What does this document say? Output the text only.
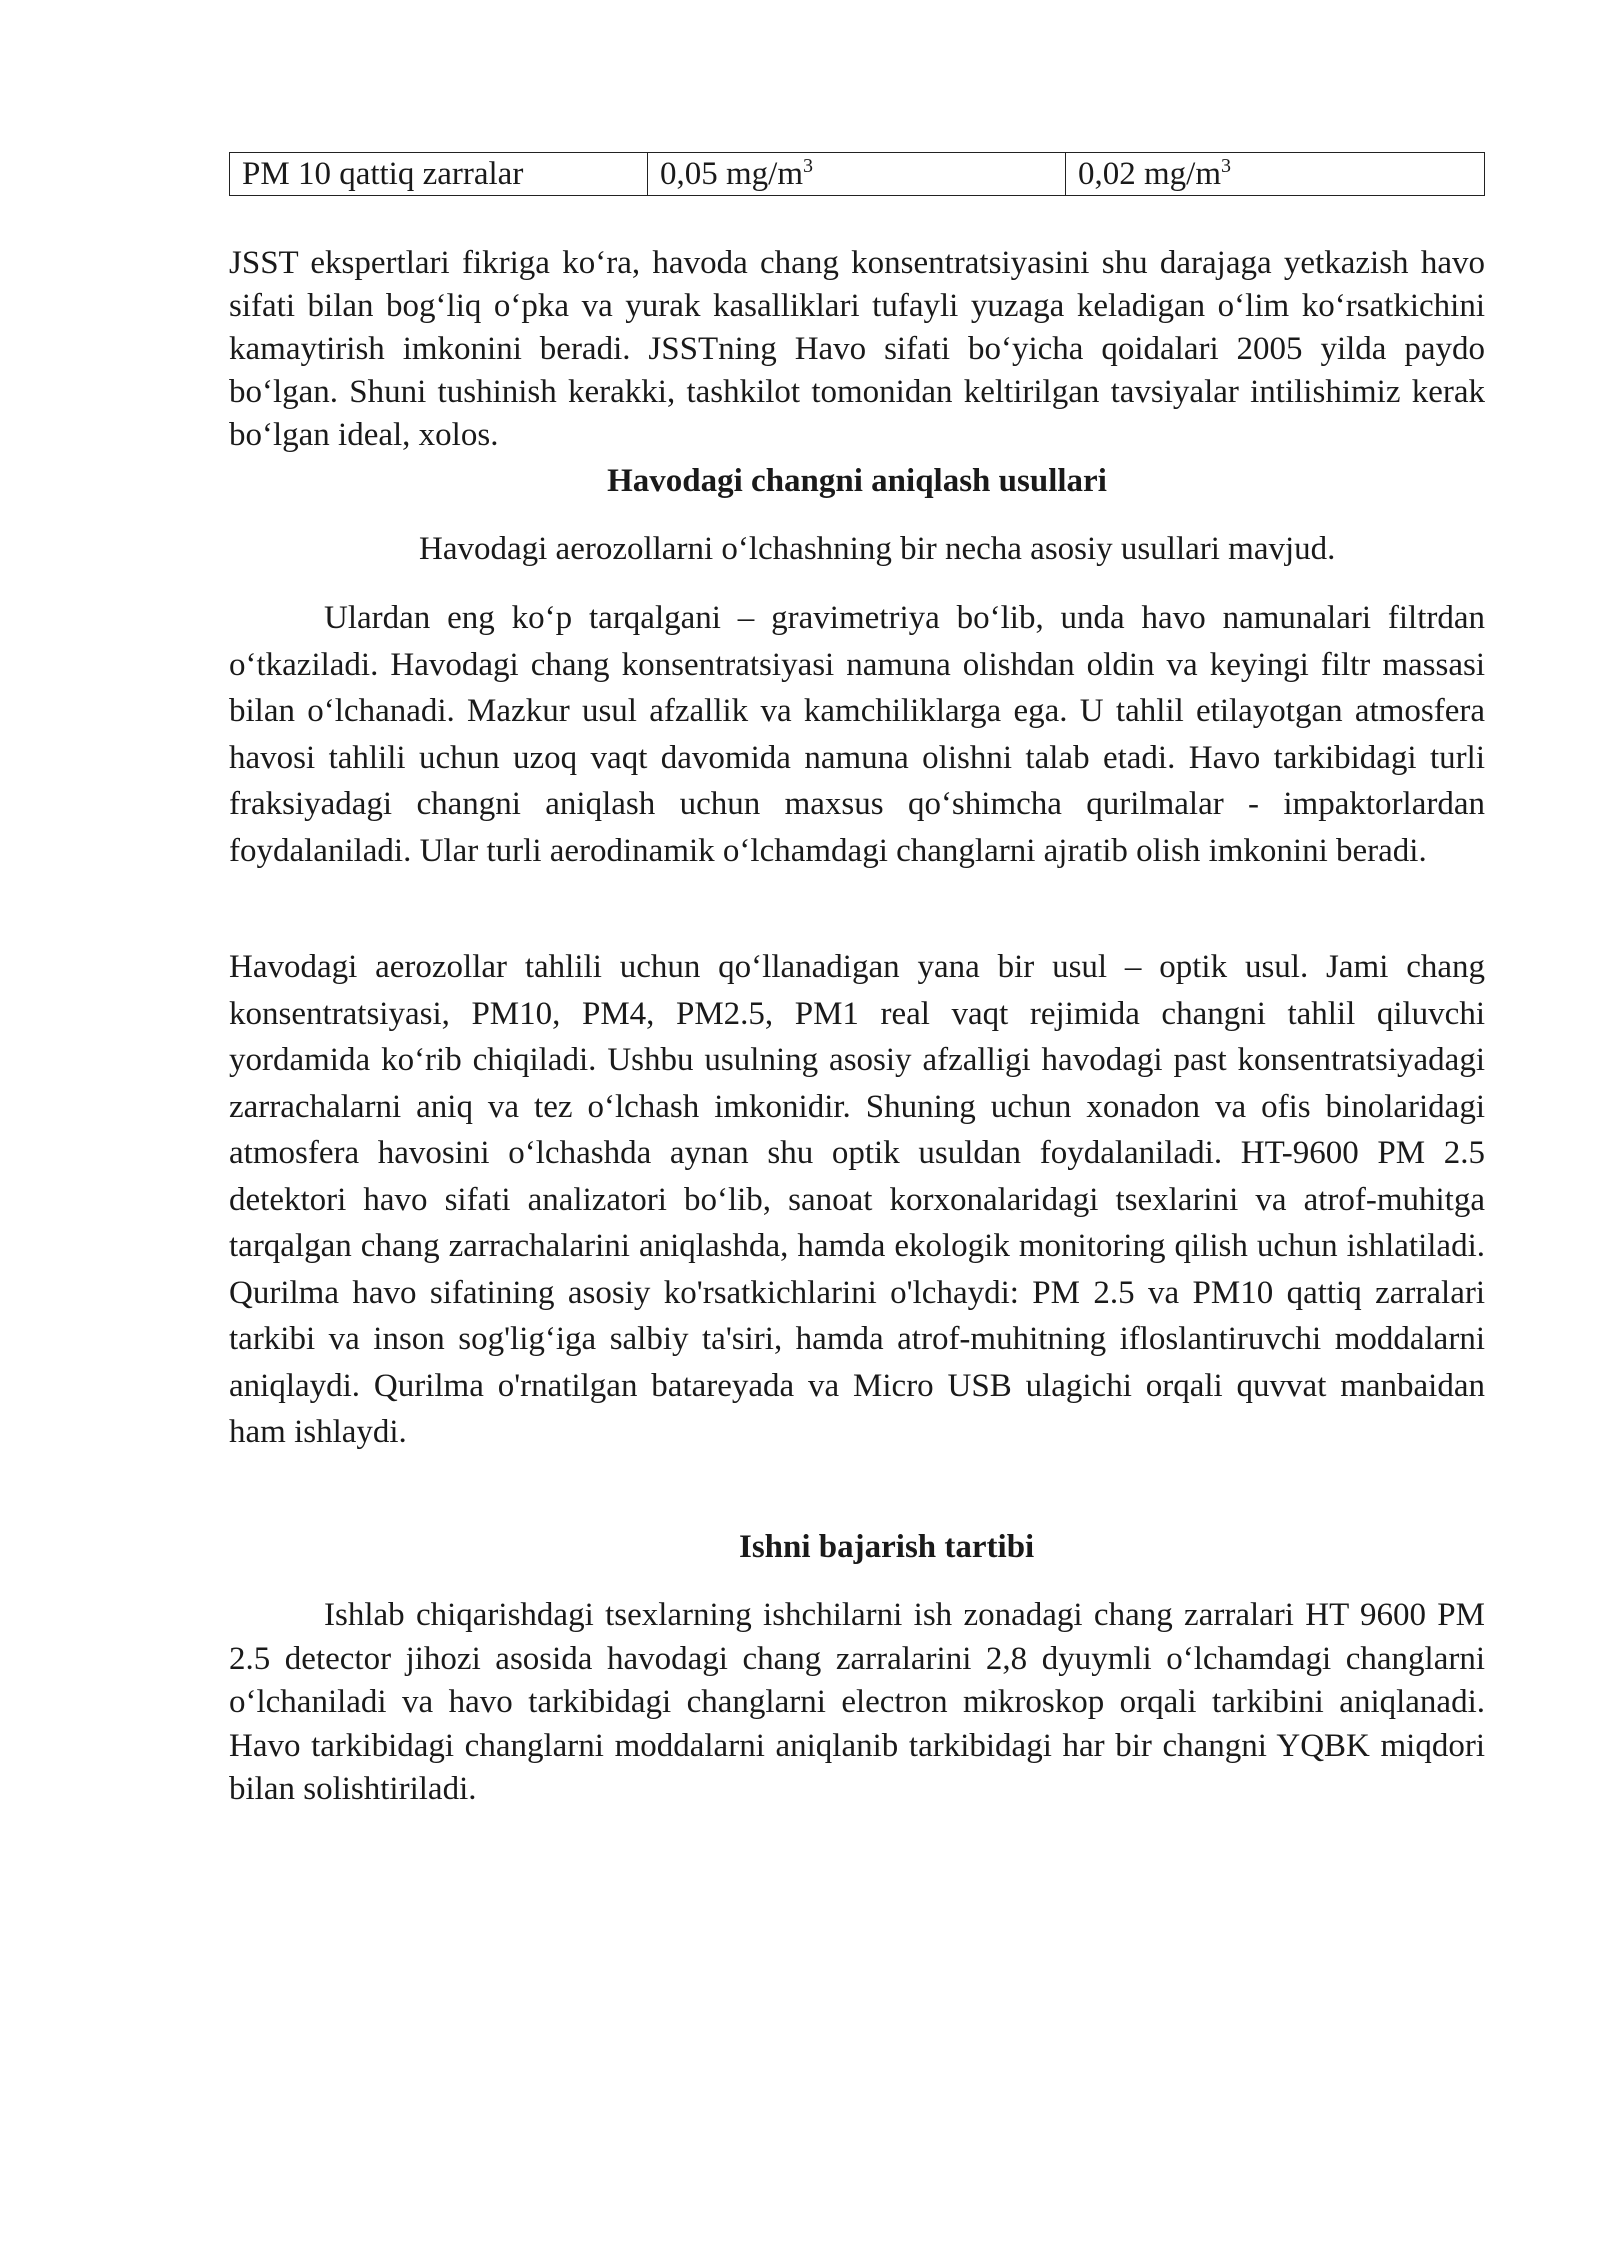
PM 10 qattiq zarralar	0,05 $mg/m^3$	0,02 $mg/m^3$

JSST ekspertlari fikriga ko‘ra, havoda chang konsentratsiyasini shu darajaga yetkazish havo sifati bilan bog‘liq o‘pka va yurak kasalliklari tufayli yuzaga keladigan o‘lim ko‘rsatkichini kamaytirish imkonini beradi. JSSTning Havo sifati bo‘yicha qoidalari 2005 yilda paydo bo‘lgan. Shuni tushinish kerakki, tashkilot tomonidan keltirilgan tavsiyalar intilishimiz kerak bo‘lgan ideal, xolos.

Havodagi changni aniqlash usullari

Havodagi aerozollarni o‘lchashning bir necha asosiy usullari mavjud.

Ulardan eng ko‘p tarqalgani – gravimetriya bo‘lib, unda havo namunalari filtrdan o‘tkaziladi. Havodagi chang konsentratsiyasi namuna olishdan oldin va keyingi filtr massasi bilan o‘lchanadi. Mazkur usul afzallik va kamchiliklarga ega. U tahlil etilayotgan atmosfera havosi tahlili uchun uzoq vaqt davomida namuna olishni talab etadi. Havo tarkibidagi turli fraksiyadagi changni aniqlash uchun maxsus qo‘shimcha qurilmalar - impaktorlardan foydalaniladi. Ular turli aerodinamik o‘lchamdagi changlarni ajratib olish imkonini beradi.

Havodagi aerozollar tahlili uchun qo‘llanadigan yana bir usul – optik usul. Jami chang konsentratsiyasi, PM10, PM4, PM2.5, PM1 real vaqt rejimida changni tahlil qiluvchi yordamida ko‘rib chiqiladi. Ushbu usulning asosiy afzalligi havodagi past konsentratsiyadagi zarrachalarni aniq va tez o‘lchash imkonidir. Shuning uchun xonadon va ofis binolaridagi atmosfera havosini o‘lchashda aynan shu optik usuldan foydalaniladi. HT-9600 PM 2.5 detektori havo sifati analizatori bo‘lib, sanoat korxonalaridagi tsexlarini va atrof-muhitga tarqalgan chang zarrachalarini aniqlashda, hamda ekologik monitoring qilish uchun ishlatiladi. Qurilma havo sifatining asosiy ko'rsatkichlarini o'lchaydi: PM 2.5 va PM10 qattiq zarralari tarkibi va inson sog'lig‘iga salbiy ta'siri, hamda atrof-muhitning ifloslantiruvchi moddalarni aniqlaydi. Qurilma o'rnatilgan batareyada va Micro USB ulagichi orqali quvvat manbaidan ham ishlaydi.

Ishni bajarish tartibi

Ishlab chiqarishdagi tsexlarning ishchilarni ish zonadagi chang zarralari HT 9600 PM 2.5 detector jihozi asosida havodagi chang zarralarini 2,8 dyuymli o‘lchamdagi changlarni o‘lchaniladi va havo tarkibidagi changlarni electron mikroskop orqali tarkibini aniqlanadi. Havo tarkibidagi changlarni moddalarni aniqlanib tarkibidagi har bir changni YQBK miqdori bilan solishtiriladi.
